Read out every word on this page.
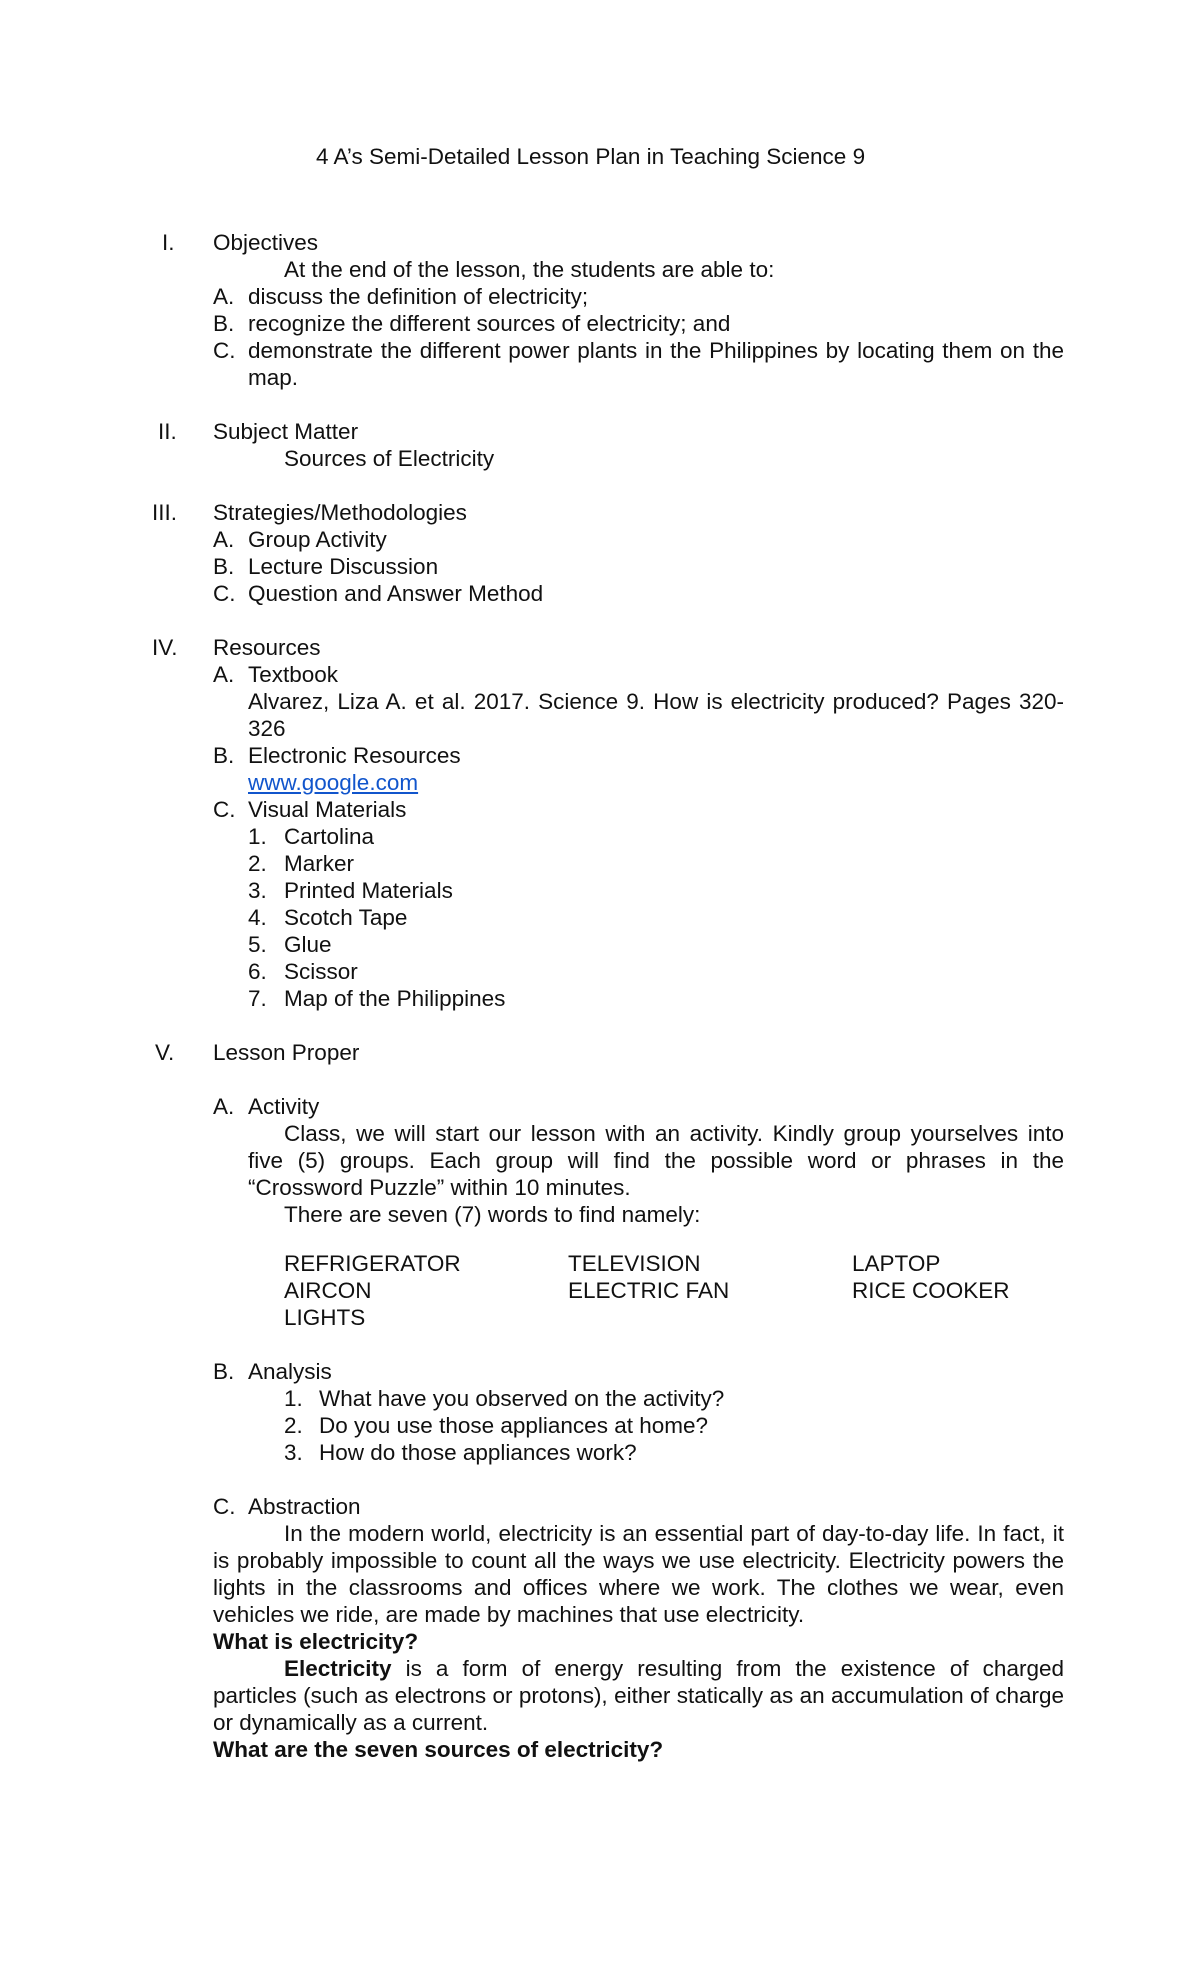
4 A’s Semi-Detailed Lesson Plan in Teaching Science 9
I. Objectives
At the end of the lesson, the students are able to:
A. discuss the definition of electricity;
B. recognize the different sources of electricity; and
C. demonstrate the different power plants in the Philippines by locating them on the map.
II. Subject Matter
Sources of Electricity
III. Strategies/Methodologies
A. Group Activity
B. Lecture Discussion
C. Question and Answer Method
IV. Resources
A. Textbook
Alvarez, Liza A. et al. 2017. Science 9. How is electricity produced? Pages 320-326
B. Electronic Resources
www.google.com
C. Visual Materials
1. Cartolina
2. Marker
3. Printed Materials
4. Scotch Tape
5. Glue
6. Scissor
7. Map of the Philippines
V. Lesson Proper
A. Activity
Class, we will start our lesson with an activity. Kindly group yourselves into five (5) groups. Each group will find the possible word or phrases in the “Crossword Puzzle” within 10 minutes.
There are seven (7) words to find namely:
REFRIGERATOR	TELEVISION	LAPTOP
AIRCON	ELECTRIC FAN	RICE COOKER
LIGHTS
B. Analysis
1. What have you observed on the activity?
2. Do you use those appliances at home?
3. How do those appliances work?
C. Abstraction
In the modern world, electricity is an essential part of day-to-day life. In fact, it is probably impossible to count all the ways we use electricity. Electricity powers the lights in the classrooms and offices where we work. The clothes we wear, even vehicles we ride, are made by machines that use electricity.
What is electricity?
Electricity is a form of energy resulting from the existence of charged particles (such as electrons or protons), either statically as an accumulation of charge or dynamically as a current.
What are the seven sources of electricity?
